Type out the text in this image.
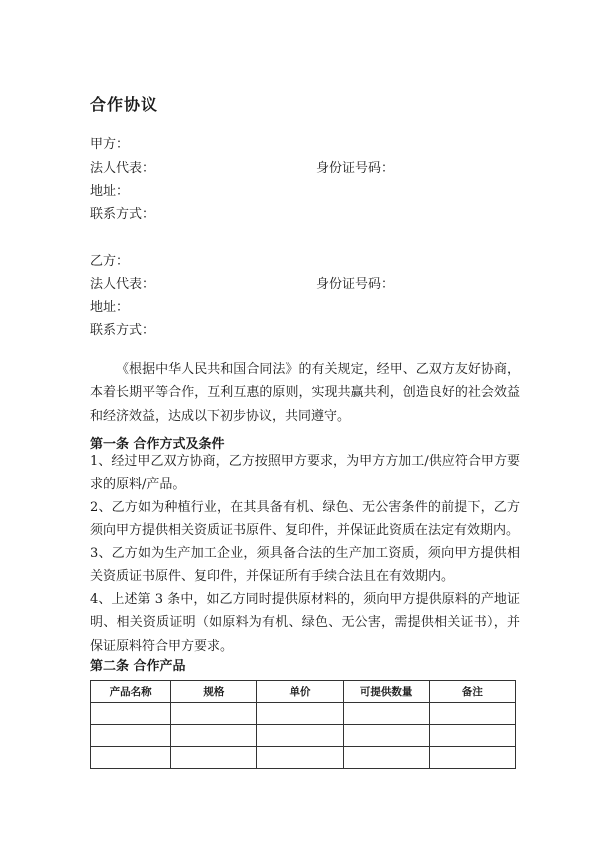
合作协议
甲方：
法人代表：	身份证号码：
地址：
联系方式：
乙方：
法人代表：	身份证号码：
地址：
联系方式：
《根据中华人民共和国合同法》的有关规定，经甲、乙双方友好协商，本着长期平等合作，互利互惠的原则，实现共赢共利，创造良好的社会效益和经济效益，达成以下初步协议，共同遵守。
第一条 合作方式及条件
1、经过甲乙双方协商，乙方按照甲方要求，为甲方方加工/供应符合甲方要求的原料/产品。
2、乙方如为种植行业，在其具备有机、绿色、无公害条件的前提下，乙方须向甲方提供相关资质证书原件、复印件，并保证此资质在法定有效期内。
3、乙方如为生产加工企业，须具备合法的生产加工资质，须向甲方提供相关资质证书原件、复印件，并保证所有手续合法且在有效期内。
4、上述第 3 条中，如乙方同时提供原材料的，须向甲方提供原料的产地证明、相关资质证明（如原料为有机、绿色、无公害，需提供相关证书），并保证原料符合甲方要求。
第二条 合作产品
产品名称	规格	单价	可提供数量	备注
